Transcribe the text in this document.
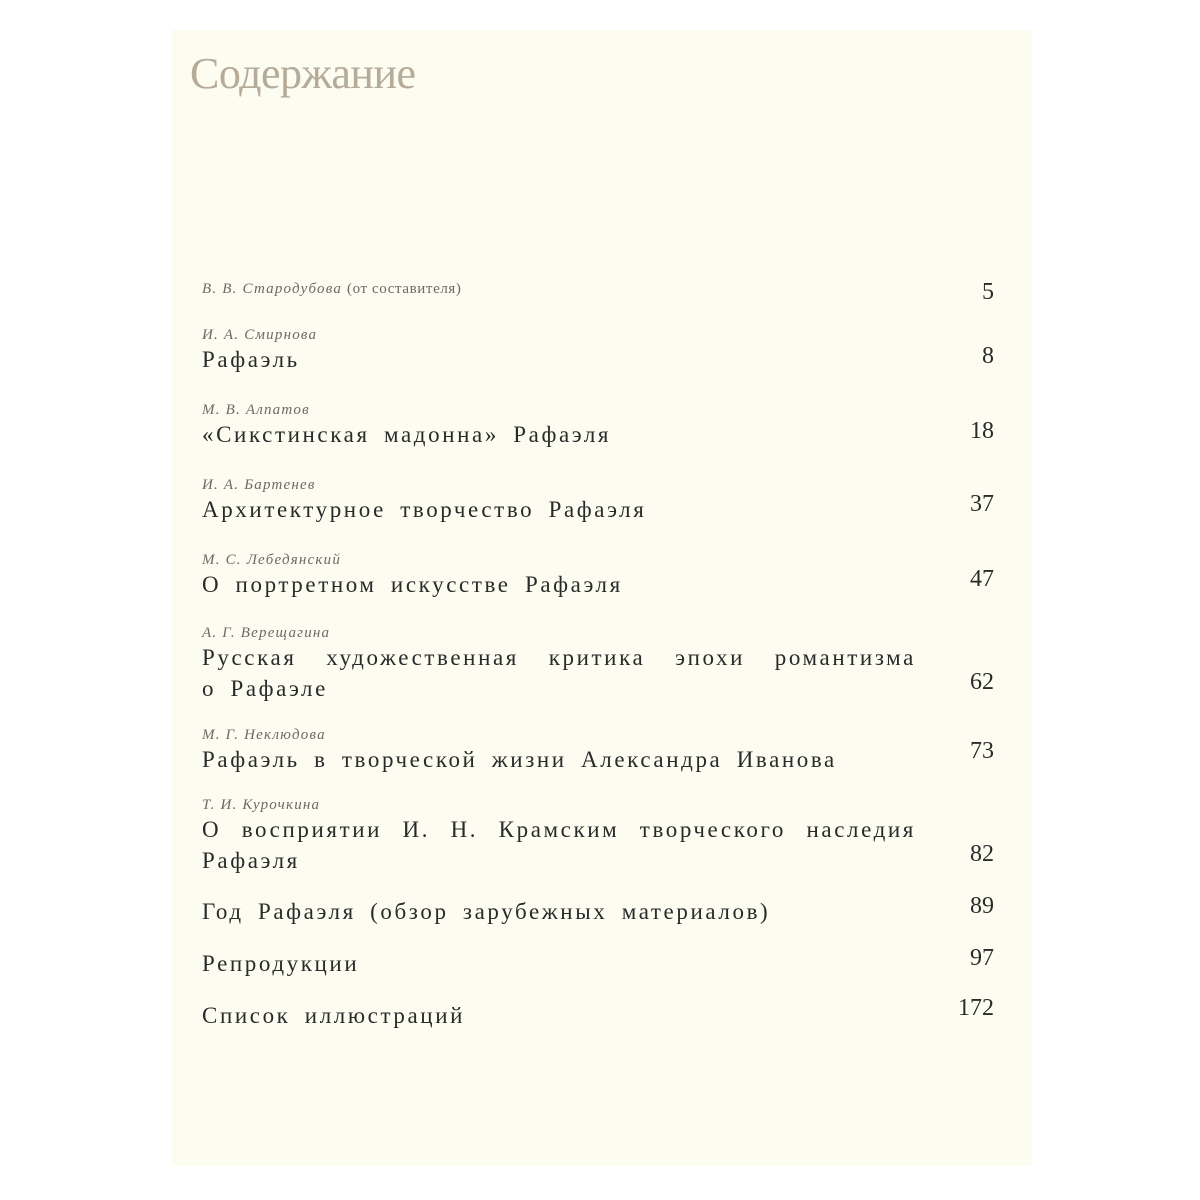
Содержание
В. В. Стародубова (от составителя)	5
И. А. Смирнова
Рафаэль	8
М. В. Алпатов
«Сикстинская мадонна» Рафаэля	18
И. А. Бартенев
Архитектурное творчество Рафаэля	37
М. С. Лебедянский
О портретном искусстве Рафаэля	47
А. Г. Верещагина
Русская художественная критика эпохи романтизма
о Рафаэле	62
М. Г. Неклюдова
Рафаэль в творческой жизни Александра Иванова	73
Т. И. Курочкина
О восприятии И. Н. Крамским творческого наследия
Рафаэля	82
Год Рафаэля (обзор зарубежных материалов)	89
Репродукции	97
Список иллюстраций	172
